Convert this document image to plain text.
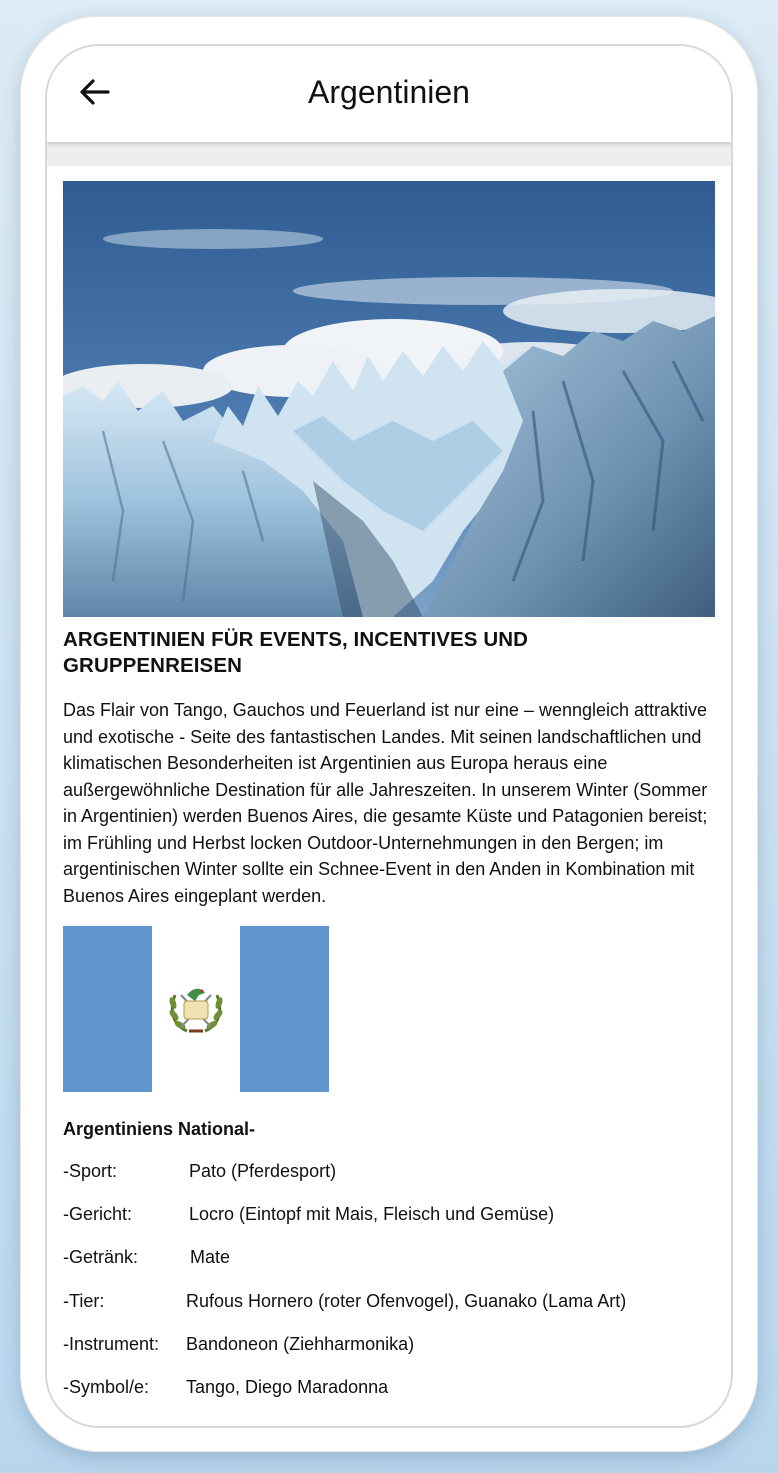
Argentinien
ARGENTINIEN FÜR EVENTS, INCENTIVES UND
GRUPPENREISEN

Das Flair von Tango, Gauchos und Feuerland ist nur eine – wenngleich attraktive und exotische - Seite des fantastischen Landes. Mit seinen landschaftlichen und klimatischen Besonderheiten ist Argentinien aus Europa heraus eine außergewöhnliche Destination für alle Jahreszeiten. In unserem Winter (Sommer in Argentinien) werden Buenos Aires, die gesamte Küste und Patagonien bereist; im Frühling und Herbst locken Outdoor-Unternehmungen in den Bergen; im argentinischen Winter sollte ein Schnee-Event in den Anden in Kombination mit Buenos Aires eingeplant werden.

Argentiniens National-
-Sport:	Pato (Pferdesport)
-Gericht:	Locro (Eintopf mit Mais, Fleisch und Gemüse)
-Getränk:	Mate
-Tier:	Rufous Hornero (roter Ofenvogel), Guanako (Lama Art)
-Instrument:	Bandoneon (Ziehharmonika)
-Symbol/e:	Tango, Diego Maradonna
